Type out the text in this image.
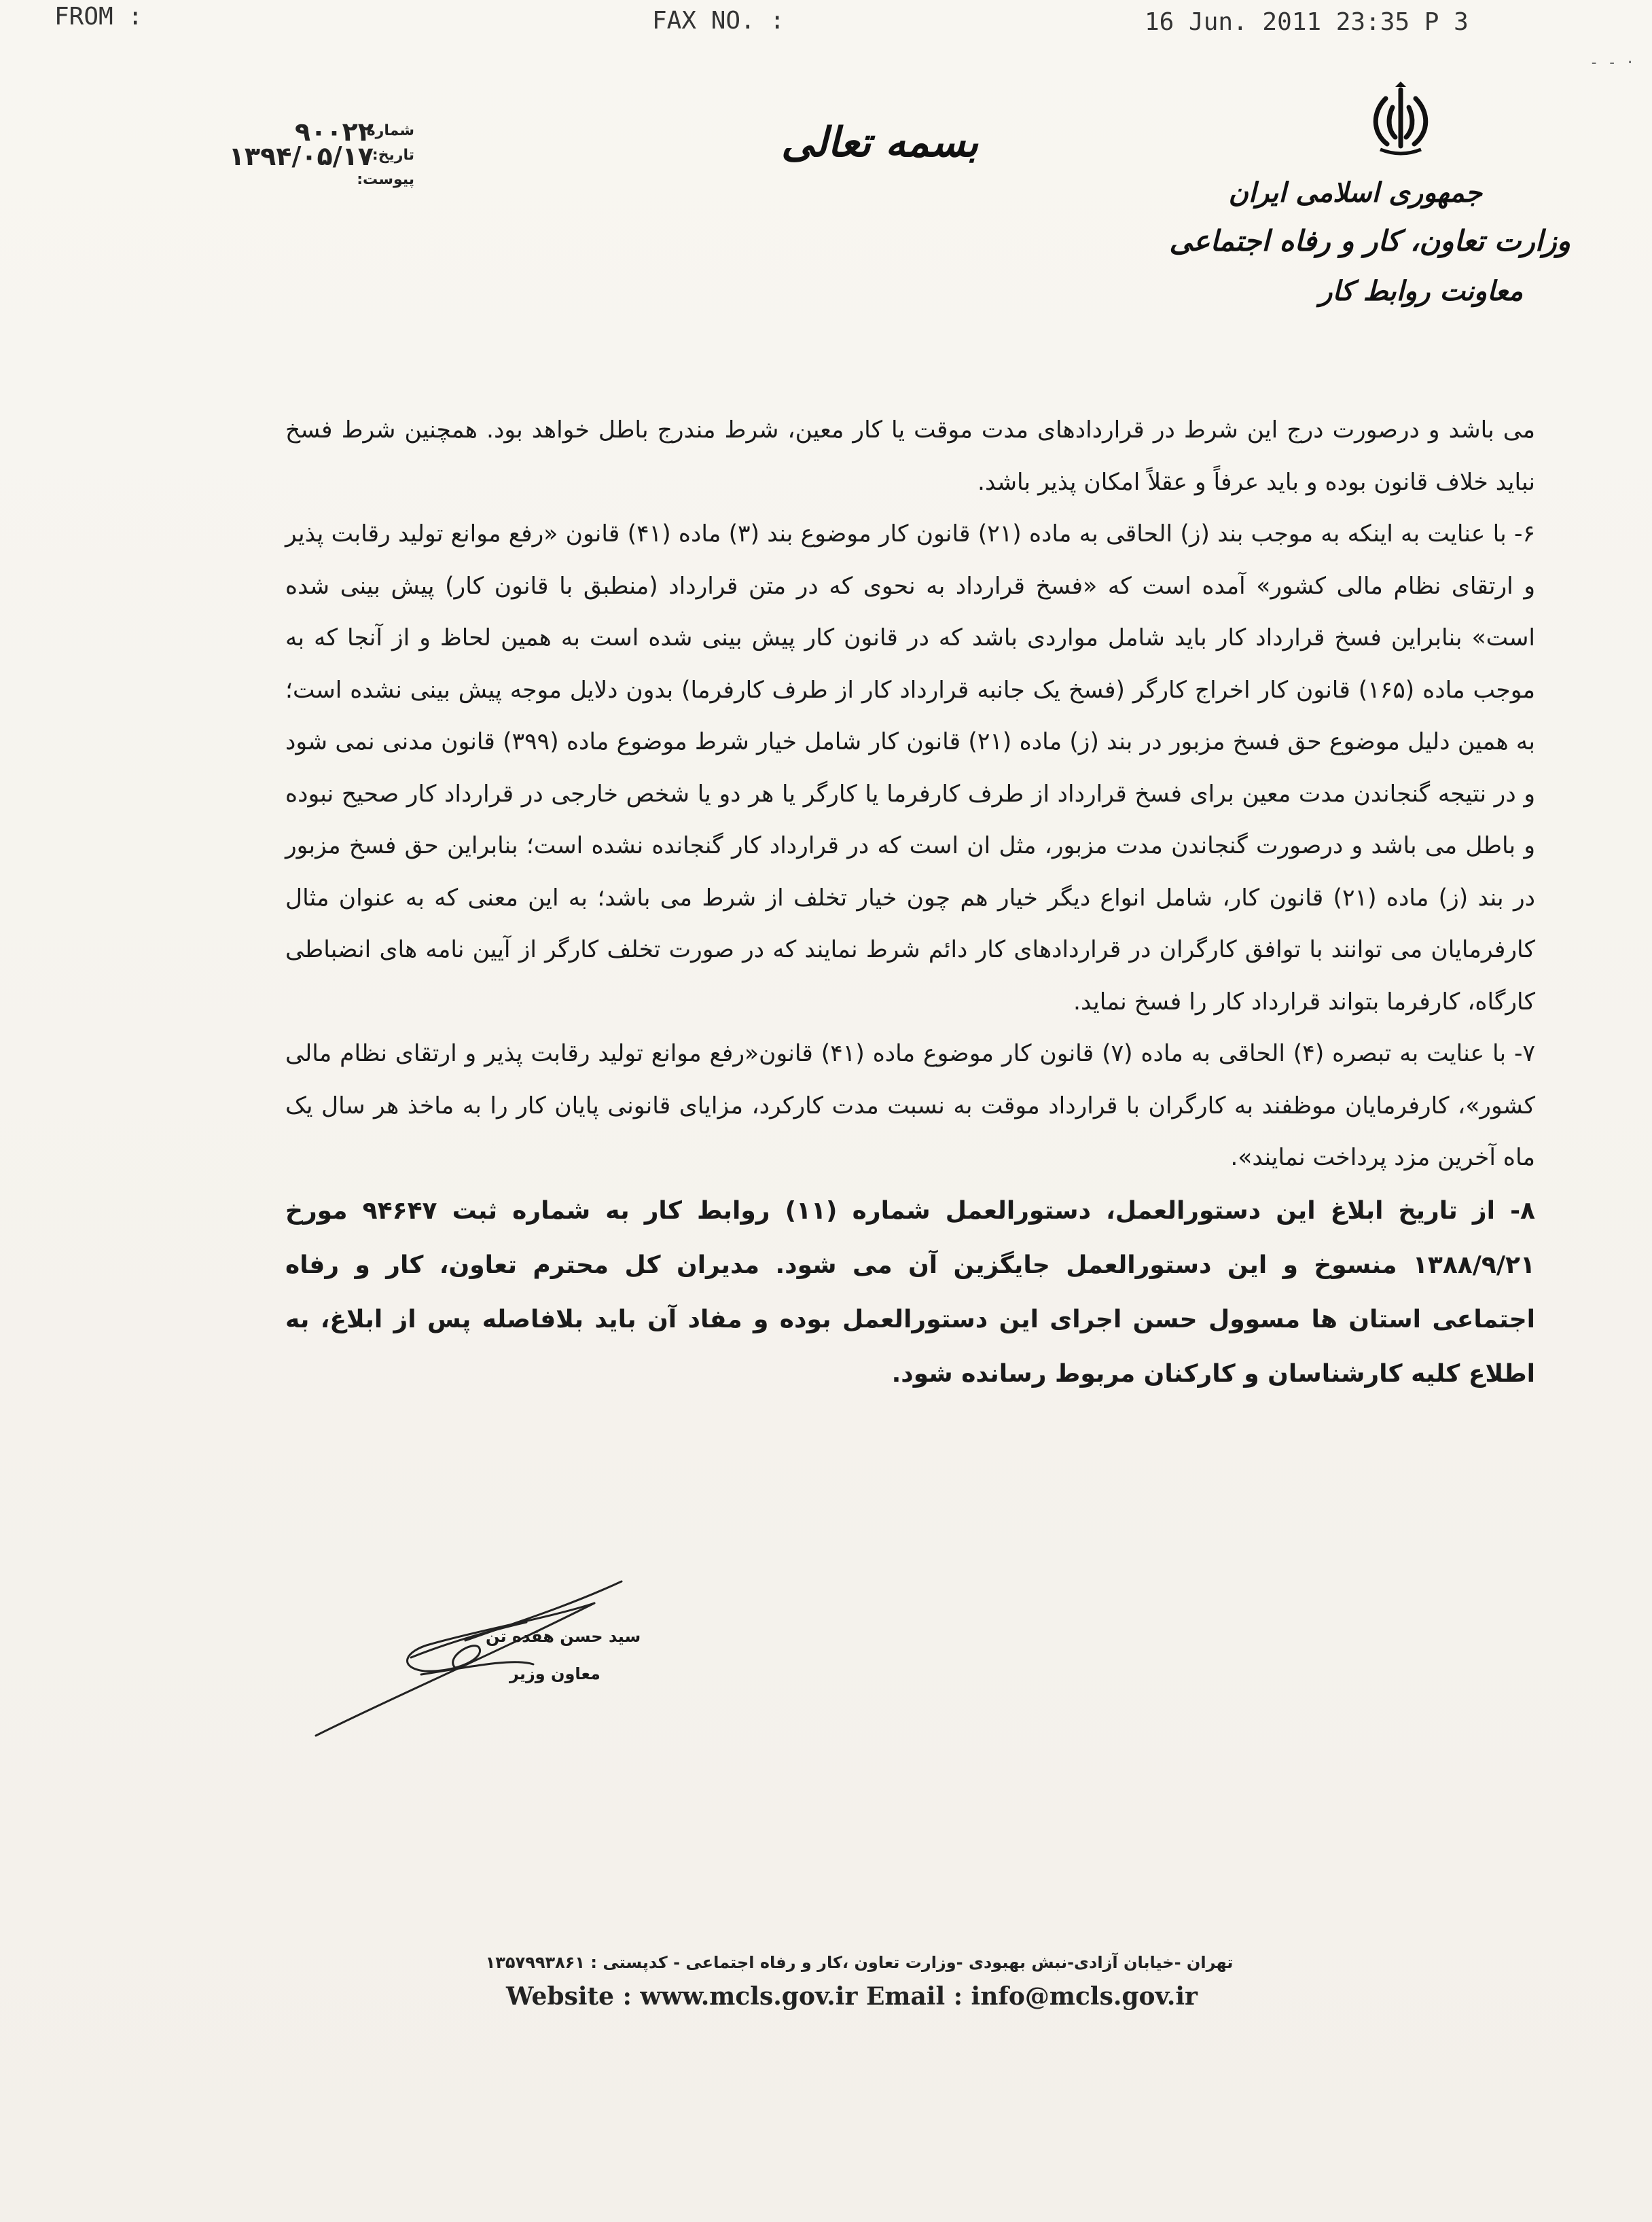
FROM :	FAX NO. :	16 Jun. 2011 23:35 P 3
- - ·
بسمه تعالی
جمهوری اسلامی ایران
وزارت تعاون، کار و رفاه اجتماعی
معاونت روابط کار
شماره:
۹۰۰۲۲
تاریخ:
۱۳۹۴/۰۵/۱۷
پیوست:

می باشد و درصورت درج این شرط در قراردادهای مدت موقت یا کار معین، شرط مندرج باطل خواهد بود. همچنین شرط فسخ نباید خلاف قانون بوده و باید عرفاً و عقلاً امکان پذیر باشد.

۶- با عنایت به اینکه به موجب بند (ز) الحاقی به ماده (۲۱) قانون کار موضوع بند (۳) ماده (۴۱) قانون «رفع موانع تولید رقابت پذیر و ارتقای نظام مالی کشور» آمده است که «فسخ قرارداد به نحوی که در متن قرارداد (منطبق با قانون کار) پیش بینی شده است» بنابراین فسخ قرارداد کار باید شامل مواردی باشد که در قانون کار پیش بینی شده است به همین لحاظ و از آنجا که به موجب ماده (۱۶۵) قانون کار اخراج کارگر (فسخ یک جانبه قرارداد کار از طرف کارفرما) بدون دلایل موجه پیش بینی نشده است؛ به همین دلیل موضوع حق فسخ مزبور در بند (ز) ماده (۲۱) قانون کار شامل خیار شرط موضوع ماده (۳۹۹) قانون مدنی نمی شود و در نتیجه گنجاندن مدت معین برای فسخ قرارداد از طرف کارفرما یا کارگر یا هر دو یا شخص خارجی در قرارداد کار صحیح نبوده و باطل می باشد و درصورت گنجاندن مدت مزبور، مثل ان است که در قرارداد کار گنجانده نشده است؛ بنابراین حق فسخ مزبور در بند (ز) ماده (۲۱) قانون کار، شامل انواع دیگر خیار هم چون خیار تخلف از شرط می باشد؛ به این معنی که به عنوان مثال کارفرمایان می توانند با توافق کارگران در قراردادهای کار دائم شرط نمایند که در صورت تخلف کارگر از آیین نامه های انضباطی کارگاه، کارفرما بتواند قرارداد کار را فسخ نماید.

۷- با عنایت به تبصره (۴) الحاقی به ماده (۷) قانون کار موضوع ماده (۴۱) قانون«رفع موانع تولید رقابت پذیر و ارتقای نظام مالی کشور»، کارفرمایان موظفند به کارگران با قرارداد موقت به نسبت مدت کارکرد، مزایای قانونی پایان کار را به ماخذ هر سال یک ماه آخرین مزد پرداخت نمایند».

۸- از تاریخ ابلاغ این دستورالعمل، دستورالعمل شماره (۱۱) روابط کار به شماره ثبت ۹۴۶۴۷ مورخ ۱۳۸۸/۹/۲۱ منسوخ و این دستورالعمل جایگزین آن می شود. مدیران کل محترم تعاون، کار و رفاه اجتماعی استان ها مسوول حسن اجرای این دستورالعمل بوده و مفاد آن باید بلافاصله پس از ابلاغ، به اطلاع کلیه کارشناسان و کارکنان مربوط رسانده شود.

سید حسن هفده تن
معاون وزیر
تهران -خیابان آزادی-نبش بهبودی -وزارت تعاون ،کار و رفاه اجتماعی - کدپستی : ۱۳۵۷۹۹۳۸۶۱
Website : www.mcls.gov.ir Email : info@mcls.gov.ir
